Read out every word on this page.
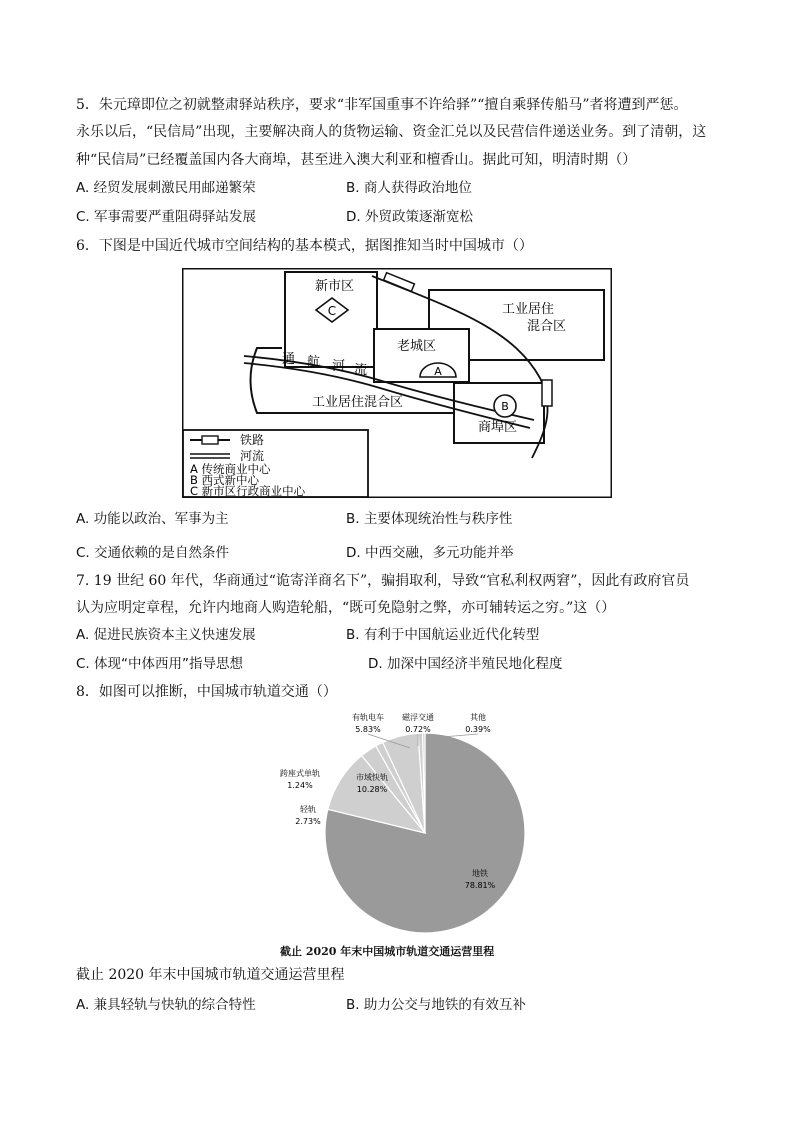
5．朱元璋即位之初就整肃驿站秩序，要求“非军国重事不许给驿”“擅自乘驿传船马”者将遭到严惩。
永乐以后，“民信局”出现，主要解决商人的货物运输、资金汇兑以及民营信件递送业务。到了清朝，这
种“民信局”已经覆盖国内各大商埠，甚至进入澳大利亚和檀香山。据此可知，明清时期（）
A. 经贸发展刺激民用邮递繁荣	B. 商人获得政治地位
C. 军事需要严重阻碍驿站发展	D. 外贸政策逐渐宽松
6．下图是中国近代城市空间结构的基本模式，据图推知当时中国城市（）
C
A
B
新市区
工业居住
混合区
老城区
通 航 河 流
工业居住混合区
商埠区
铁路
河流
A 传统商业中心
B 西式新中心
C 新市区行政商业中心
A. 功能以政治、军事为主	B. 主要体现统治性与秩序性
C. 交通依赖的是自然条件	D. 中西交融，多元功能并举
7. 19 世纪 60 年代，华商通过“诡寄洋商名下”，骗捐取利，导致“官私利权两窘”，因此有政府官员
认为应明定章程，允许内地商人购造轮船，“既可免隐射之弊，亦可辅转运之穷。”这（）
A. 促进民族资本主义快速发展	B. 有利于中国航运业近代化转型
C. 体现“中体西用”指导思想	D. 加深中国经济半殖民地化程度
8．如图可以推断，中国城市轨道交通（）
地铁
78.81%
市域快轨
10.28%
轻轨
2.73%
跨座式单轨
1.24%
有轨电车
5.83%
磁浮交通
0.72%
其他
0.39%
截止 2020 年末中国城市轨道交通运营里程
截止 2020 年末中国城市轨道交通运营里程
A. 兼具轻轨与快轨的综合特性	B. 助力公交与地铁的有效互补
